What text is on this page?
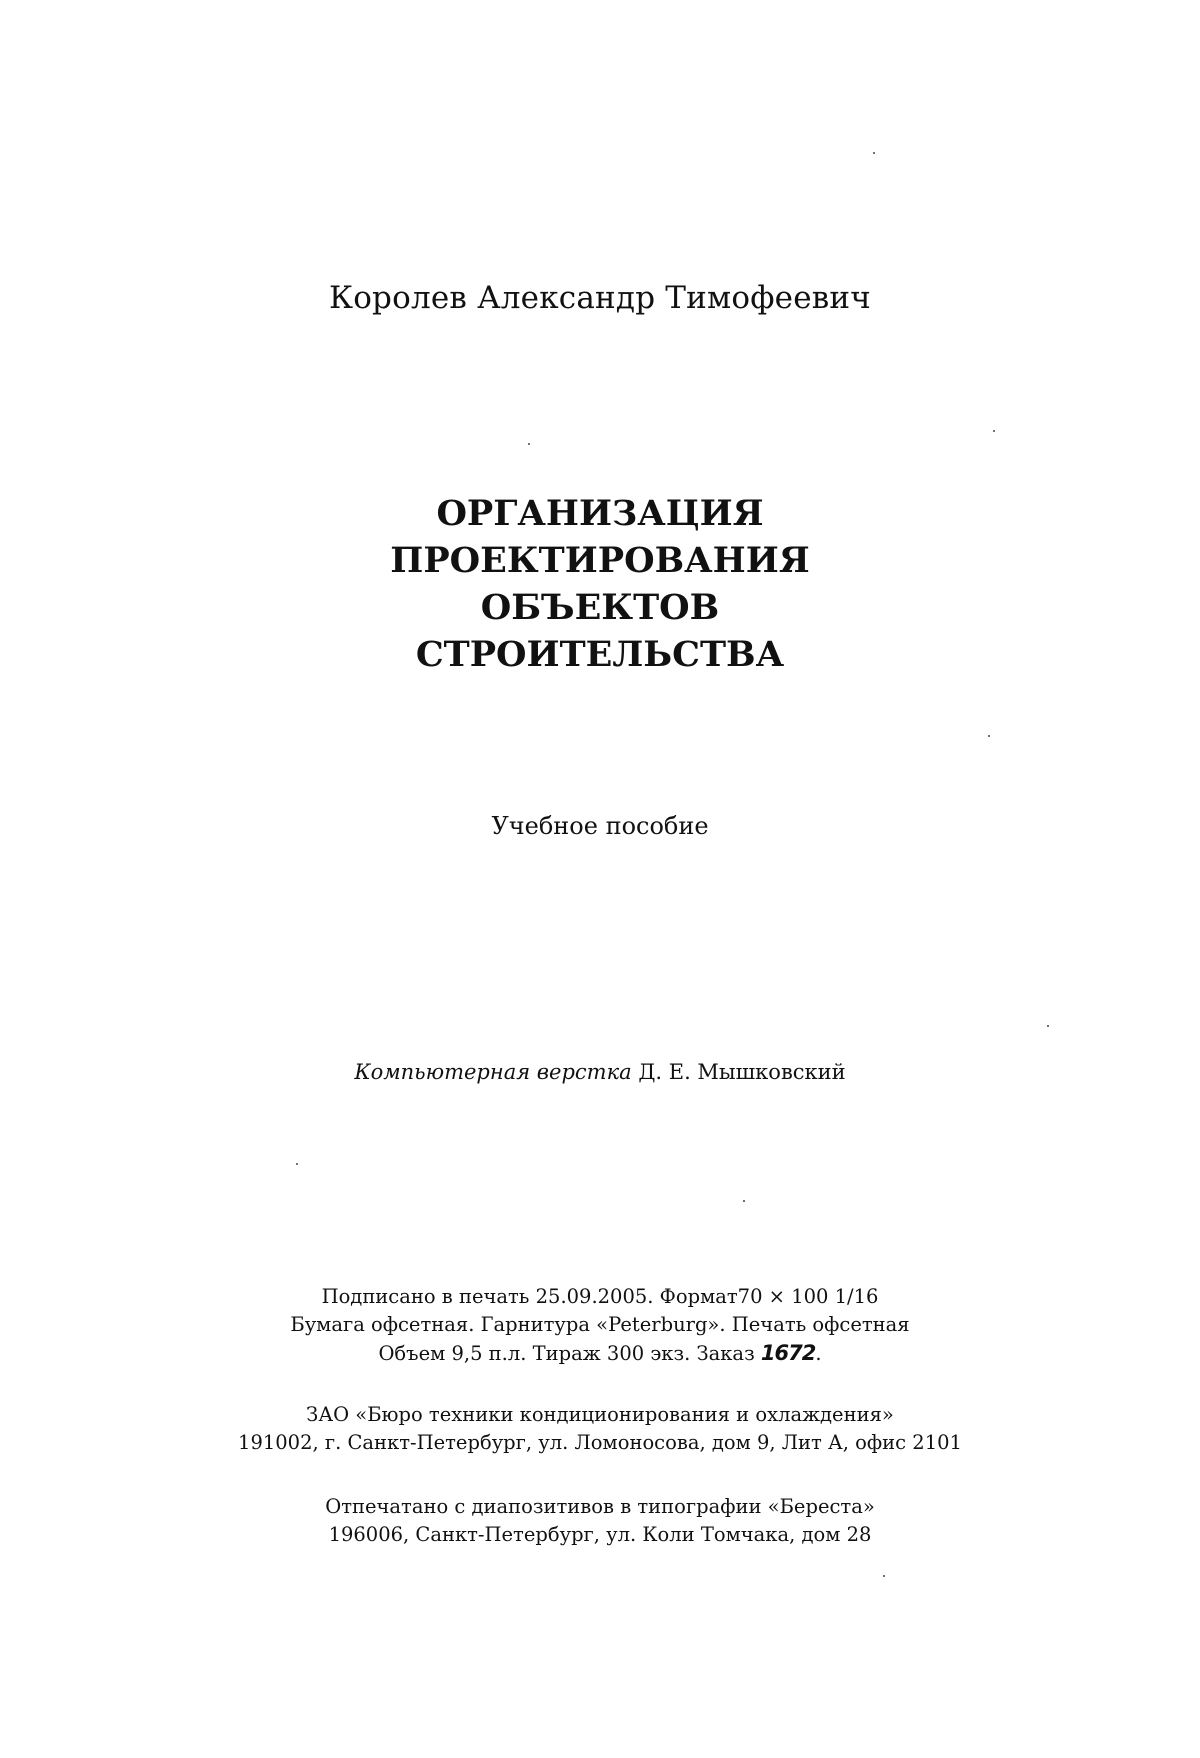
Королев Александр Тимофеевич
ОРГАНИЗАЦИЯ
ПРОЕКТИРОВАНИЯ
ОБЪЕКТОВ
СТРОИТЕЛЬСТВА
Учебное пособие
Компьютерная верстка Д. Е. Мышковский
Подписано в печать 25.09.2005. Формат70 × 100 1/16
Бумага офсетная. Гарнитура «Peterburg». Печать офсетная
Объем 9,5 п.л. Тираж 300 экз. Заказ 1672.
ЗАО «Бюро техники кондиционирования и охлаждения»
191002, г. Санкт-Петербург, ул. Ломоносова, дом 9, Лит А, офис 2101
Отпечатано с диапозитивов в типографии «Береста»
196006, Санкт-Петербург, ул. Коли Томчака, дом 28
